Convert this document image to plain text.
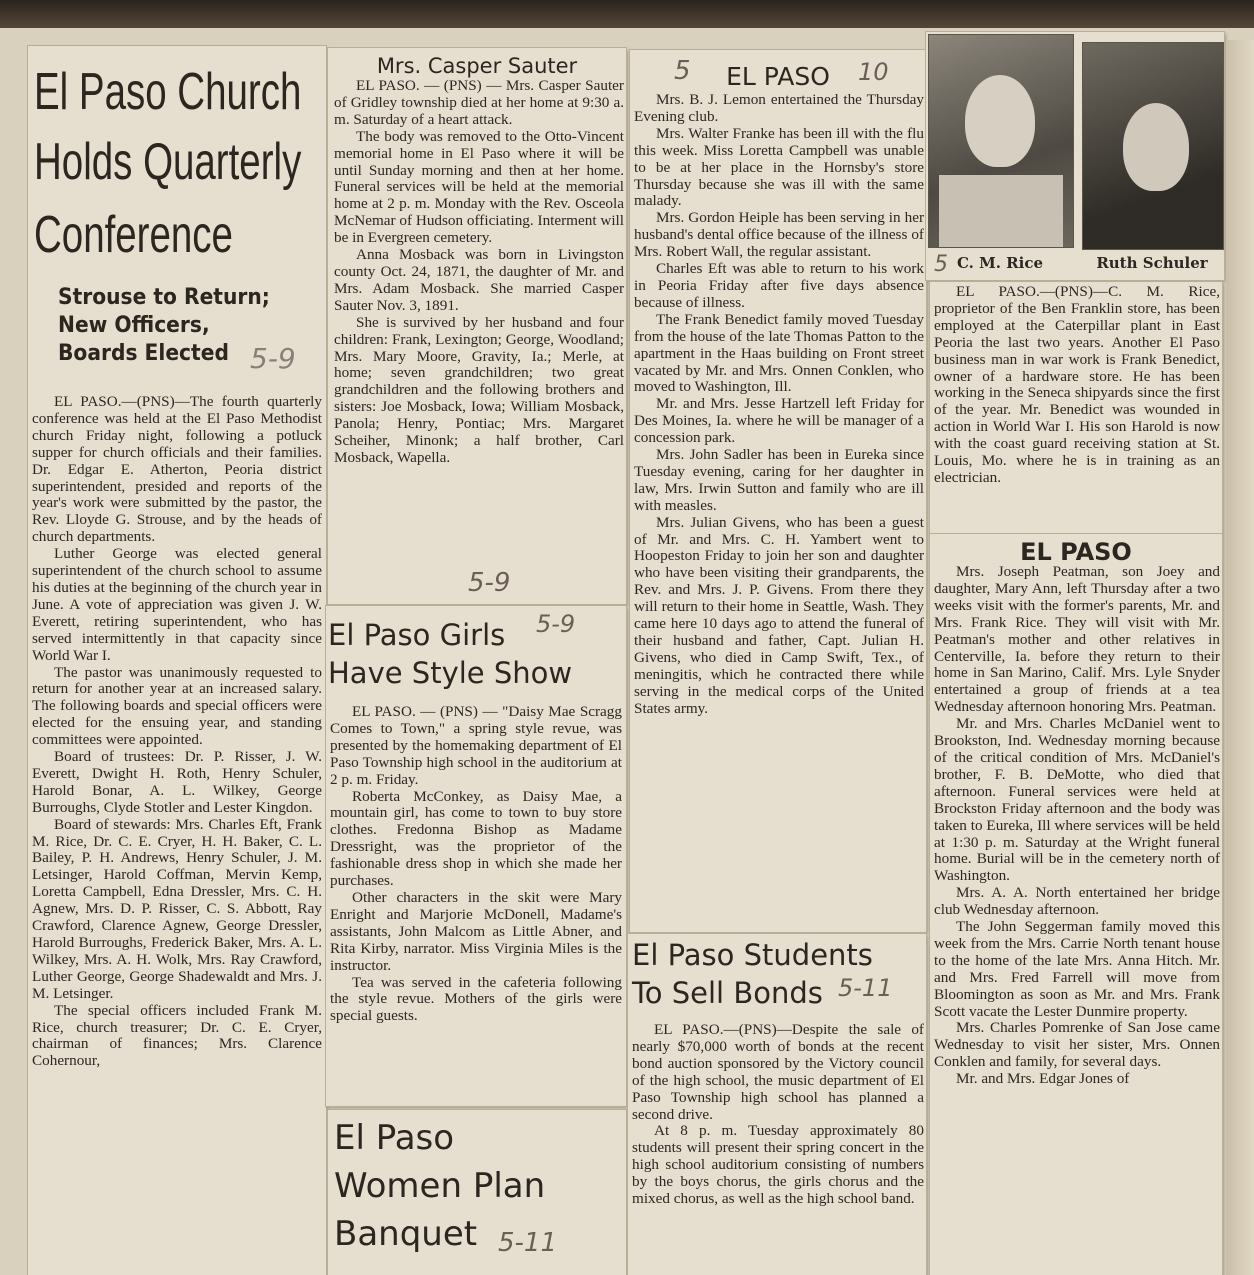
El Paso Church
Holds Quarterly
Conference
Strouse to Return;
New Officers,
Boards Elected 5-9

EL PASO.—(PNS)—The fourth quarterly conference was held at the El Paso Methodist church Friday night, following a potluck supper for church officials and their families. Dr. Edgar E. Atherton, Peoria district superintendent, presided and reports of the year's work were submitted by the pastor, the Rev. Lloyde G. Strouse, and by the heads of church departments.

Luther George was elected general superintendent of the church school to assume his duties at the beginning of the church year in June. A vote of appreciation was given J. W. Everett, retiring superintendent, who has served intermittently in that capacity since World War I.

The pastor was unanimously requested to return for another year at an increased salary. The following boards and special officers were elected for the ensuing year, and standing committees were appointed.

Board of trustees: Dr. P. Risser, J. W. Everett, Dwight H. Roth, Henry Schuler, Harold Bonar, A. L. Wilkey, George Burroughs, Clyde Stotler and Lester Kingdon.

Board of stewards: Mrs. Charles Eft, Frank M. Rice, Dr. C. E. Cryer, H. H. Baker, C. L. Bailey, P. H. Andrews, Henry Schuler, J. M. Letsinger, Harold Coffman, Mervin Kemp, Loretta Campbell, Edna Dressler, Mrs. C. H. Agnew, Mrs. D. P. Risser, C. S. Abbott, Ray Crawford, Clarence Agnew, George Dressler, Harold Burroughs, Frederick Baker, Mrs. A. L. Wilkey, Mrs. A. H. Wolk, Mrs. Ray Crawford, Luther George, George Shadewaldt and Mrs. J. M. Letsinger.

The special officers included Frank M. Rice, church treasurer; Dr. C. E. Cryer, chairman of finances; Mrs. Clarence Cohernour,

Mrs. Casper Sauter

EL PASO. — (PNS) — Mrs. Casper Sauter of Gridley township died at her home at 9:30 a. m. Saturday of a heart attack.

The body was removed to the Otto-Vincent memorial home in El Paso where it will be until Sunday morning and then at her home. Funeral services will be held at the memorial home at 2 p. m. Monday with the Rev. Osceola McNemar of Hudson officiating. Interment will be in Evergreen cemetery.

Anna Mosback was born in Livingston county Oct. 24, 1871, the daughter of Mr. and Mrs. Adam Mosback. She married Casper Sauter Nov. 3, 1891.

She is survived by her husband and four children: Frank, Lexington; George, Woodland; Mrs. Mary Moore, Gravity, Ia.; Merle, at home; seven grandchildren; two great grandchildren and the following brothers and sisters: Joe Mosback, Iowa; William Mosback, Panola; Henry, Pontiac; Mrs. Margaret Scheiher, Minonk; a half brother, Carl Mosback, Wapella.

5-9
El Paso Girls
Have Style Show
5-9

EL PASO. — (PNS) — "Daisy Mae Scragg Comes to Town," a spring style revue, was presented by the homemaking department of El Paso Township high school in the auditorium at 2 p. m. Friday.

Roberta McConkey, as Daisy Mae, a mountain girl, has come to town to buy store clothes. Fredonna Bishop as Madame Dressright, was the proprietor of the fashionable dress shop in which she made her purchases.

Other characters in the skit were Mary Enright and Marjorie McDonell, Madame's assistants, John Malcom as Little Abner, and Rita Kirby, narrator. Miss Virginia Miles is the instructor.

Tea was served in the cafeteria following the style revue. Mothers of the girls were special guests.

El Paso
Women Plan
Banquet 5-11
5	EL PASO	10

Mrs. B. J. Lemon entertained the Thursday Evening club.

Mrs. Walter Franke has been ill with the flu this week. Miss Loretta Campbell was unable to be at her place in the Hornsby's store Thursday because she was ill with the same malady.

Mrs. Gordon Heiple has been serving in her husband's dental office because of the illness of Mrs. Robert Wall, the regular assistant.

Charles Eft was able to return to his work in Peoria Friday after five days absence because of illness.

The Frank Benedict family moved Tuesday from the house of the late Thomas Patton to the apartment in the Haas building on Front street vacated by Mr. and Mrs. Onnen Conklen, who moved to Washington, Ill.

Mr. and Mrs. Jesse Hartzell left Friday for Des Moines, Ia. where he will be manager of a concession park.

Mrs. John Sadler has been in Eureka since Tuesday evening, caring for her daughter in law, Mrs. Irwin Sutton and family who are ill with measles.

Mrs. Julian Givens, who has been a guest of Mr. and Mrs. C. H. Yambert went to Hoopeston Friday to join her son and daughter who have been visiting their grandparents, the Rev. and Mrs. J. P. Givens. From there they will return to their home in Seattle, Wash. They came here 10 days ago to attend the funeral of their husband and father, Capt. Julian H. Givens, who died in Camp Swift, Tex., of meningitis, which he contracted there while serving in the medical corps of the United States army.

El Paso Students
To Sell Bonds 5-11

EL PASO.—(PNS)—Despite the sale of nearly $70,000 worth of bonds at the recent bond auction sponsored by the Victory council of the high school, the music department of El Paso Township high school has planned a second drive.

At 8 p. m. Tuesday approximately 80 students will present their spring concert in the high school auditorium consisting of numbers by the boys chorus, the girls chorus and the mixed chorus, as well as the high school band.

C. M. Rice	Ruth Schuler
5

EL PASO.—(PNS)—C. M. Rice, proprietor of the Ben Franklin store, has been employed at the Caterpillar plant in East Peoria the last two years. Another El Paso business man in war work is Frank Benedict, owner of a hardware store. He has been working in the Seneca shipyards since the first of the year. Mr. Benedict was wounded in action in World War I. His son Harold is now with the coast guard receiving station at St. Louis, Mo. where he is in training as an electrician.

EL PASO

Mrs. Joseph Peatman, son Joey and daughter, Mary Ann, left Thursday after a two weeks visit with the former's parents, Mr. and Mrs. Frank Rice. They will visit with Mr. Peatman's mother and other relatives in Centerville, Ia. before they return to their home in San Marino, Calif. Mrs. Lyle Snyder entertained a group of friends at a tea Wednesday afternoon honoring Mrs. Peatman.

Mr. and Mrs. Charles McDaniel went to Brookston, Ind. Wednesday morning because of the critical condition of Mrs. McDaniel's brother, F. B. DeMotte, who died that afternoon. Funeral services were held at Brockston Friday afternoon and the body was taken to Eureka, Ill where services will be held at 1:30 p. m. Saturday at the Wright funeral home. Burial will be in the cemetery north of Washington.

Mrs. A. A. North entertained her bridge club Wednesday afternoon.

The John Seggerman family moved this week from the Mrs. Carrie North tenant house to the home of the late Mrs. Anna Hitch. Mr. and Mrs. Fred Farrell will move from Bloomington as soon as Mr. and Mrs. Frank Scott vacate the Lester Dunmire property.

Mrs. Charles Pomrenke of San Jose came Wednesday to visit her sister, Mrs. Onnen Conklen and family, for several days.

Mr. and Mrs. Edgar Jones of
